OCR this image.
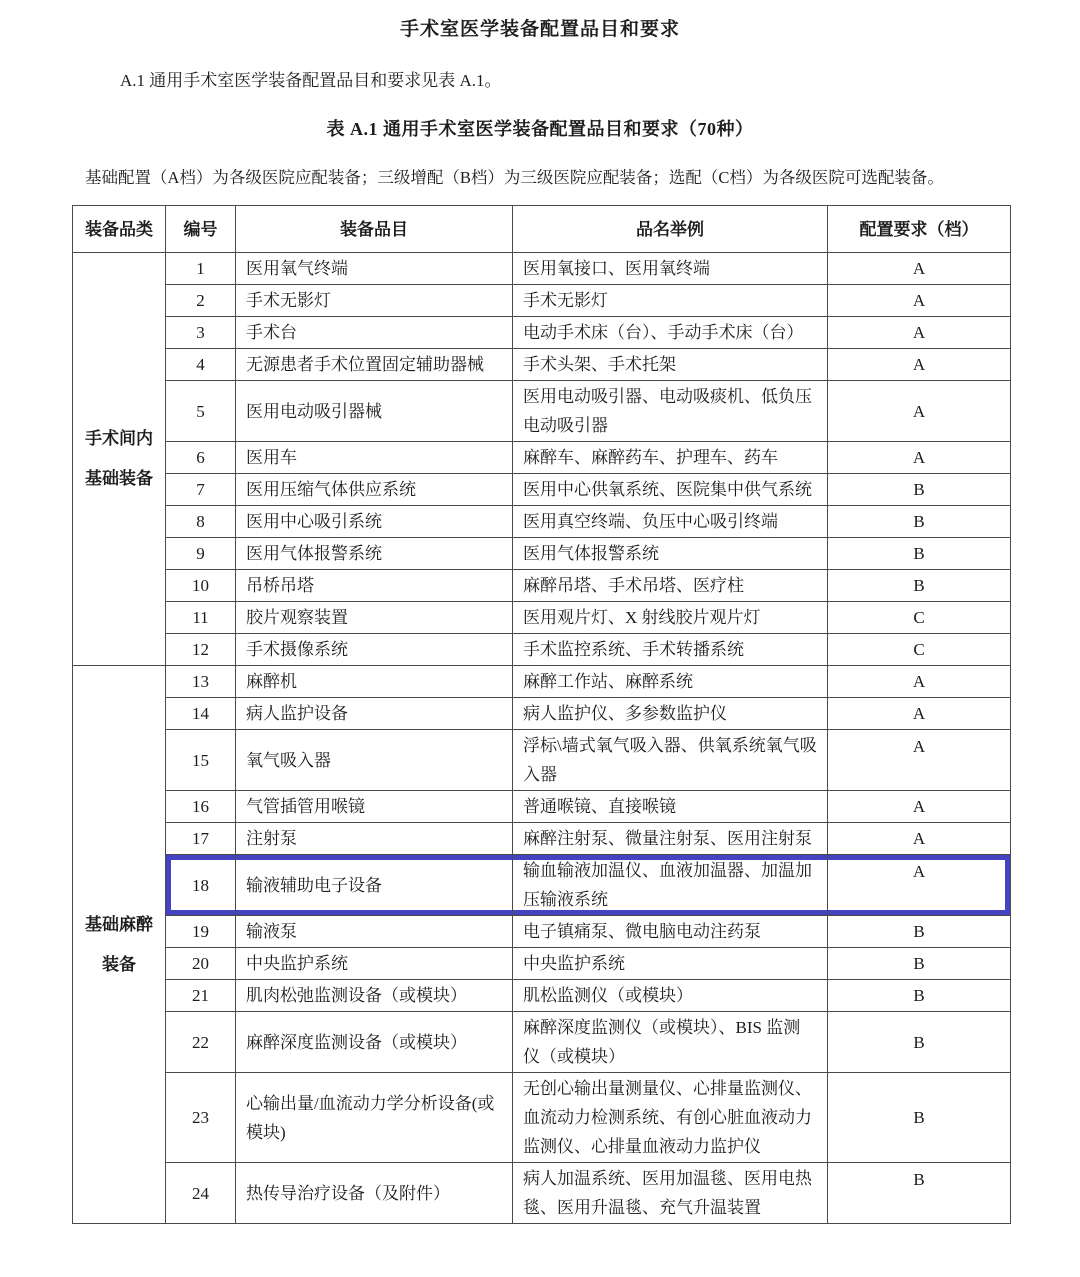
手术室医学装备配置品目和要求

A.1 通用手术室医学装备配置品目和要求见表 A.1。

表 A.1 通用手术室医学装备配置品目和要求（70种）

基础配置（A档）为各级医院应配装备；三级增配（B档）为三级医院应配装备；选配（C档）为各级医院可选配装备。

装备品类	编号	装备品目	品名举例	配置要求（档）

手术间内
基础装备	1	医用氧气终端	医用氧接口、医用氧终端	A
	2	手术无影灯	手术无影灯	A
	3	手术台	电动手术床（台）、手动手术床（台）	A
	4	无源患者手术位置固定辅助器械	手术头架、手术托架	A
	5	医用电动吸引器械	医用电动吸引器、电动吸痰机、低负压电动吸引器	A
	6	医用车	麻醉车、麻醉药车、护理车、药车	A
	7	医用压缩气体供应系统	医用中心供氧系统、医院集中供气系统	B
	8	医用中心吸引系统	医用真空终端、负压中心吸引终端	B
	9	医用气体报警系统	医用气体报警系统	B
	10	吊桥吊塔	麻醉吊塔、手术吊塔、医疗柱	B
	11	胶片观察装置	医用观片灯、X 射线胶片观片灯	C
	12	手术摄像系统	手术监控系统、手术转播系统	C

基础麻醉
装备	13	麻醉机	麻醉工作站、麻醉系统	A
	14	病人监护设备	病人监护仪、多参数监护仪	A
	15	氧气吸入器	浮标\墙式氧气吸入器、供氧系统氧气吸入器	A
	16	气管插管用喉镜	普通喉镜、直接喉镜	A
	17	注射泵	麻醉注射泵、微量注射泵、医用注射泵	A
	18	输液辅助电子设备	输血输液加温仪、血液加温器、加温加压输液系统	A
	19	输液泵	电子镇痛泵、微电脑电动注药泵	B
	20	中央监护系统	中央监护系统	B
	21	肌肉松弛监测设备（或模块）	肌松监测仪（或模块）	B
	22	麻醉深度监测设备（或模块）	麻醉深度监测仪（或模块）、BIS 监测仪（或模块）	B
	23	心输出量/血流动力学分析设备(或模块)	无创心输出量测量仪、心排量监测仪、血流动力检测系统、有创心脏血液动力监测仪、心排量血液动力监护仪	B
	24	热传导治疗设备（及附件）	病人加温系统、医用加温毯、医用电热毯、医用升温毯、充气升温装置	B
